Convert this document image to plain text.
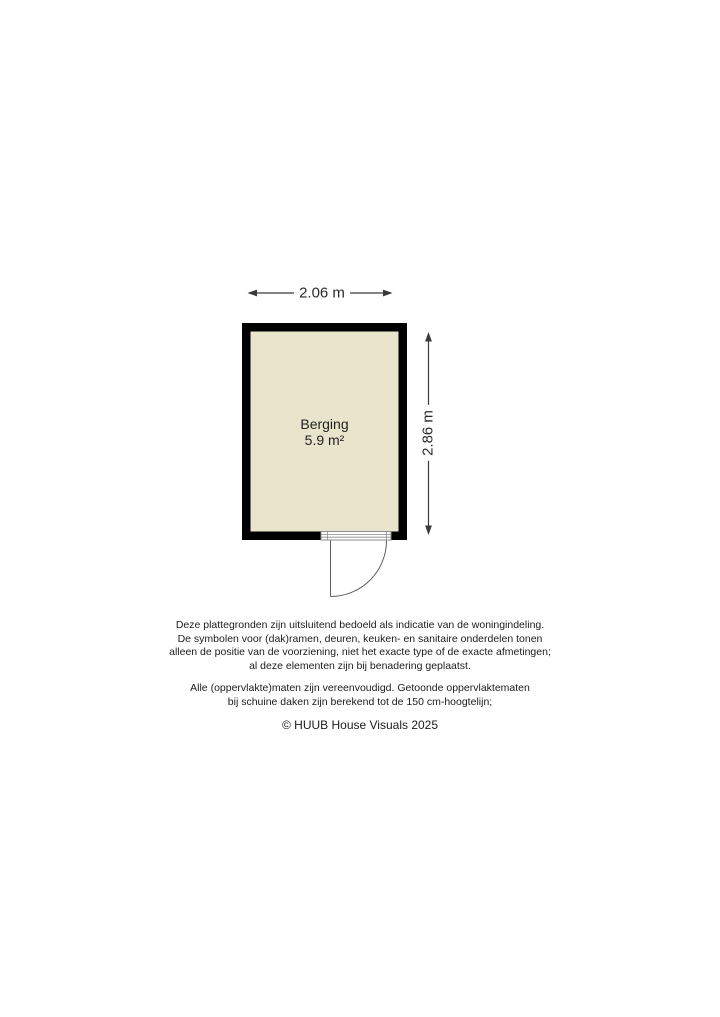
2.06 m
2.86 m
Berging
5.9 m²
Deze plattegronden zijn uitsluitend bedoeld als indicatie van de woningindeling.
De symbolen voor (dak)ramen, deuren, keuken- en sanitaire onderdelen tonen
alleen de positie van de voorziening, niet het exacte type of de exacte afmetingen;
al deze elementen zijn bij benadering geplaatst.
Alle (oppervlakte)maten zijn vereenvoudigd. Getoonde oppervlaktematen
bij schuine daken zijn berekend tot de 150 cm-hoogtelijn;
© HUUB House Visuals 2025
